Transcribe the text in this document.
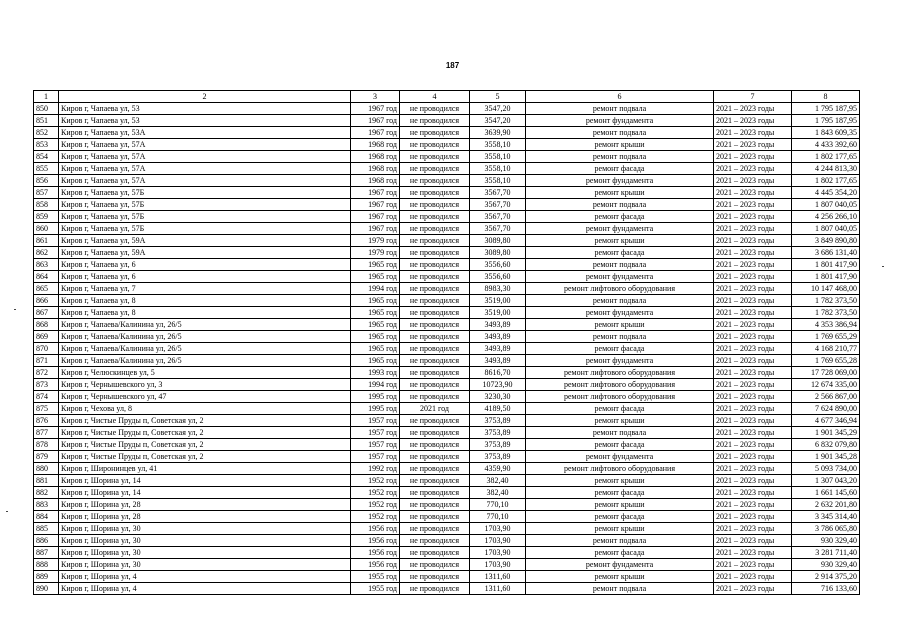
187
1	2	3	4	5	6	7	8
850	Киров г, Чапаева ул, 53	1967 год	не проводился	3547,20	ремонт подвала	2021 – 2023 годы	1 795 187,95
851	Киров г, Чапаева ул, 53	1967 год	не проводился	3547,20	ремонт фундамента	2021 – 2023 годы	1 795 187,95
852	Киров г, Чапаева ул, 53А	1967 год	не проводился	3639,90	ремонт подвала	2021 – 2023 годы	1 843 609,35
853	Киров г, Чапаева ул, 57А	1968 год	не проводился	3558,10	ремонт крыши	2021 – 2023 годы	4 433 392,60
854	Киров г, Чапаева ул, 57А	1968 год	не проводился	3558,10	ремонт подвала	2021 – 2023 годы	1 802 177,65
855	Киров г, Чапаева ул, 57А	1968 год	не проводился	3558,10	ремонт фасада	2021 – 2023 годы	4 244 813,30
856	Киров г, Чапаева ул, 57А	1968 год	не проводился	3558,10	ремонт фундамента	2021 – 2023 годы	1 802 177,65
857	Киров г, Чапаева ул, 57Б	1967 год	не проводился	3567,70	ремонт крыши	2021 – 2023 годы	4 445 354,20
858	Киров г, Чапаева ул, 57Б	1967 год	не проводился	3567,70	ремонт подвала	2021 – 2023 годы	1 807 040,05
859	Киров г, Чапаева ул, 57Б	1967 год	не проводился	3567,70	ремонт фасада	2021 – 2023 годы	4 256 266,10
860	Киров г, Чапаева ул, 57Б	1967 год	не проводился	3567,70	ремонт фундамента	2021 – 2023 годы	1 807 040,05
861	Киров г, Чапаева ул, 59А	1979 год	не проводился	3089,80	ремонт крыши	2021 – 2023 годы	3 849 890,80
862	Киров г, Чапаева ул, 59А	1979 год	не проводился	3089,80	ремонт фасада	2021 – 2023 годы	3 686 131,40
863	Киров г, Чапаева ул, 6	1965 год	не проводился	3556,60	ремонт подвала	2021 – 2023 годы	1 801 417,90
864	Киров г, Чапаева ул, 6	1965 год	не проводился	3556,60	ремонт фундамента	2021 – 2023 годы	1 801 417,90
865	Киров г, Чапаева ул, 7	1994 год	не проводился	8983,30	ремонт лифтового оборудования	2021 – 2023 годы	10 147 468,00
866	Киров г, Чапаева ул, 8	1965 год	не проводился	3519,00	ремонт подвала	2021 – 2023 годы	1 782 373,50
867	Киров г, Чапаева ул, 8	1965 год	не проводился	3519,00	ремонт фундамента	2021 – 2023 годы	1 782 373,50
868	Киров г, Чапаева/Калинина ул, 26/5	1965 год	не проводился	3493,89	ремонт крыши	2021 – 2023 годы	4 353 386,94
869	Киров г, Чапаева/Калинина ул, 26/5	1965 год	не проводился	3493,89	ремонт подвала	2021 – 2023 годы	1 769 655,29
870	Киров г, Чапаева/Калинина ул, 26/5	1965 год	не проводился	3493,89	ремонт фасада	2021 – 2023 годы	4 168 210,77
871	Киров г, Чапаева/Калинина ул, 26/5	1965 год	не проводился	3493,89	ремонт фундамента	2021 – 2023 годы	1 769 655,28
872	Киров г, Челюскинцев ул, 5	1993 год	не проводился	8616,70	ремонт лифтового оборудования	2021 – 2023 годы	17 728 069,00
873	Киров г, Чернышевского ул, 3	1994 год	не проводился	10723,90	ремонт лифтового оборудования	2021 – 2023 годы	12 674 335,00
874	Киров г, Чернышевского ул, 47	1995 год	не проводился	3230,30	ремонт лифтового оборудования	2021 – 2023 годы	2 566 867,00
875	Киров г, Чехова ул, 8	1995 год	2021 год	4189,50	ремонт фасада	2021 – 2023 годы	7 624 890,00
876	Киров г, Чистые Пруды п, Советская ул, 2	1957 год	не проводился	3753,89	ремонт крыши	2021 – 2023 годы	4 677 346,94
877	Киров г, Чистые Пруды п, Советская ул, 2	1957 год	не проводился	3753,89	ремонт подвала	2021 – 2023 годы	1 901 345,29
878	Киров г, Чистые Пруды п, Советская ул, 2	1957 год	не проводился	3753,89	ремонт фасада	2021 – 2023 годы	6 832 079,80
879	Киров г, Чистые Пруды п, Советская ул, 2	1957 год	не проводился	3753,89	ремонт фундамента	2021 – 2023 годы	1 901 345,28
880	Киров г, Широнинцев ул, 41	1992 год	не проводился	4359,90	ремонт лифтового оборудования	2021 – 2023 годы	5 093 734,00
881	Киров г, Шорина ул, 14	1952 год	не проводился	382,40	ремонт крыши	2021 – 2023 годы	1 307 043,20
882	Киров г, Шорина ул, 14	1952 год	не проводился	382,40	ремонт фасада	2021 – 2023 годы	1 661 145,60
883	Киров г, Шорина ул, 28	1952 год	не проводился	770,10	ремонт крыши	2021 – 2023 годы	2 632 201,80
884	Киров г, Шорина ул, 28	1952 год	не проводился	770,10	ремонт фасада	2021 – 2023 годы	3 345 314,40
885	Киров г, Шорина ул, 30	1956 год	не проводился	1703,90	ремонт крыши	2021 – 2023 годы	3 786 065,80
886	Киров г, Шорина ул, 30	1956 год	не проводился	1703,90	ремонт подвала	2021 – 2023 годы	930 329,40
887	Киров г, Шорина ул, 30	1956 год	не проводился	1703,90	ремонт фасада	2021 – 2023 годы	3 281 711,40
888	Киров г, Шорина ул, 30	1956 год	не проводился	1703,90	ремонт фундамента	2021 – 2023 годы	930 329,40
889	Киров г, Шорина ул, 4	1955 год	не проводился	1311,60	ремонт крыши	2021 – 2023 годы	2 914 375,20
890	Киров г, Шорина ул, 4	1955 год	не проводился	1311,60	ремонт подвала	2021 – 2023 годы	716 133,60
